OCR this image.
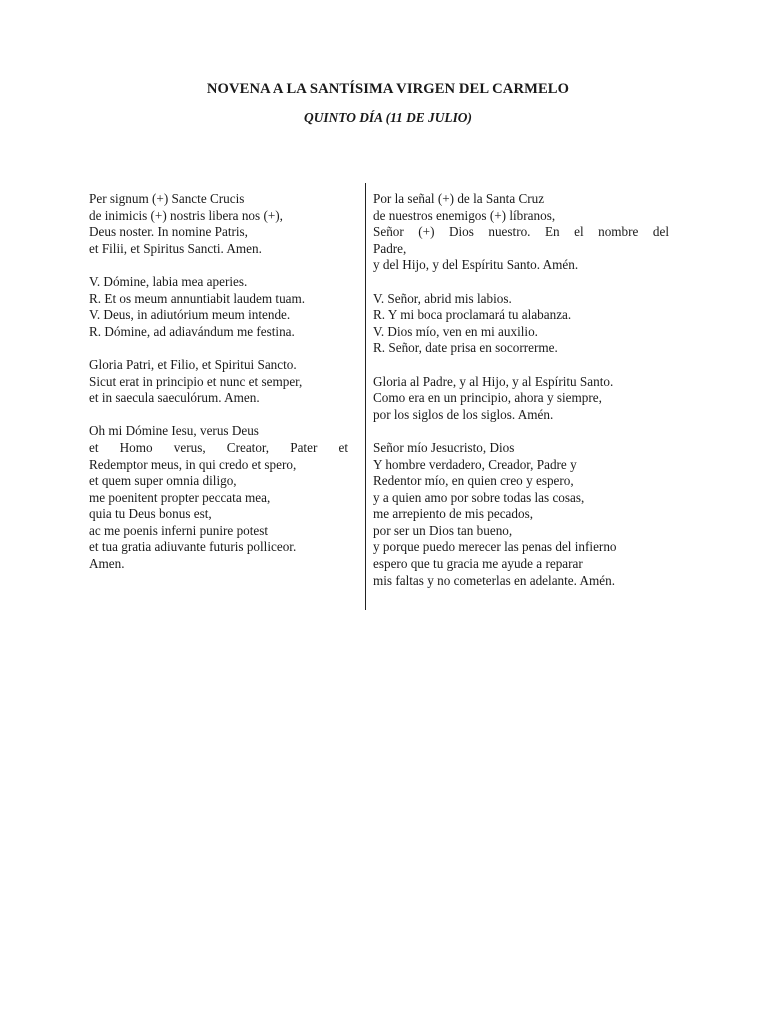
NOVENA A LA SANTÍSIMA VIRGEN DEL CARMELO
QUINTO DÍA (11 DE JULIO)
Per signum (+) Sancte Crucis
de inimicis (+) nostris libera nos (+),
Deus noster. In nomine Patris,
et Filii, et Spiritus Sancti. Amen.
V. Dómine, labia mea aperies.
R. Et os meum annuntiabit laudem tuam.
V. Deus, in adiutórium meum intende.
R. Dómine, ad adiavándum me festina.
Gloria Patri, et Filio, et Spiritui Sancto.
Sicut erat in principio et nunc et semper,
et in saecula saeculórum. Amen.
Oh mi Dómine Iesu, verus Deus
et Homo verus, Creator, Pater et
Redemptor meus, in qui credo et spero,
et quem super omnia diligo,
me poenitent propter peccata mea,
quia tu Deus bonus est,
ac me poenis inferni punire potest
et tua gratia adiuvante futuris polliceor.
Amen.
Por la señal (+) de la Santa Cruz
de nuestros enemigos (+) líbranos,
Señor (+) Dios nuestro. En el nombre del
Padre,
y del Hijo, y del Espíritu Santo. Amén.
V. Señor, abrid mis labios.
R. Y mi boca proclamará tu alabanza.
V. Dios mío, ven en mi auxilio.
R. Señor, date prisa en socorrerme.
Gloria al Padre, y al Hijo, y al Espíritu Santo.
Como era en un principio, ahora y siempre,
por los siglos de los siglos. Amén.
Señor mío Jesucristo, Dios
Y hombre verdadero, Creador, Padre y
Redentor mío, en quien creo y espero,
y a quien amo por sobre todas las cosas,
me arrepiento de mis pecados,
por ser un Dios tan bueno,
y porque puedo merecer las penas del infierno
espero que tu gracia me ayude a reparar
mis faltas y no cometerlas en adelante. Amén.
